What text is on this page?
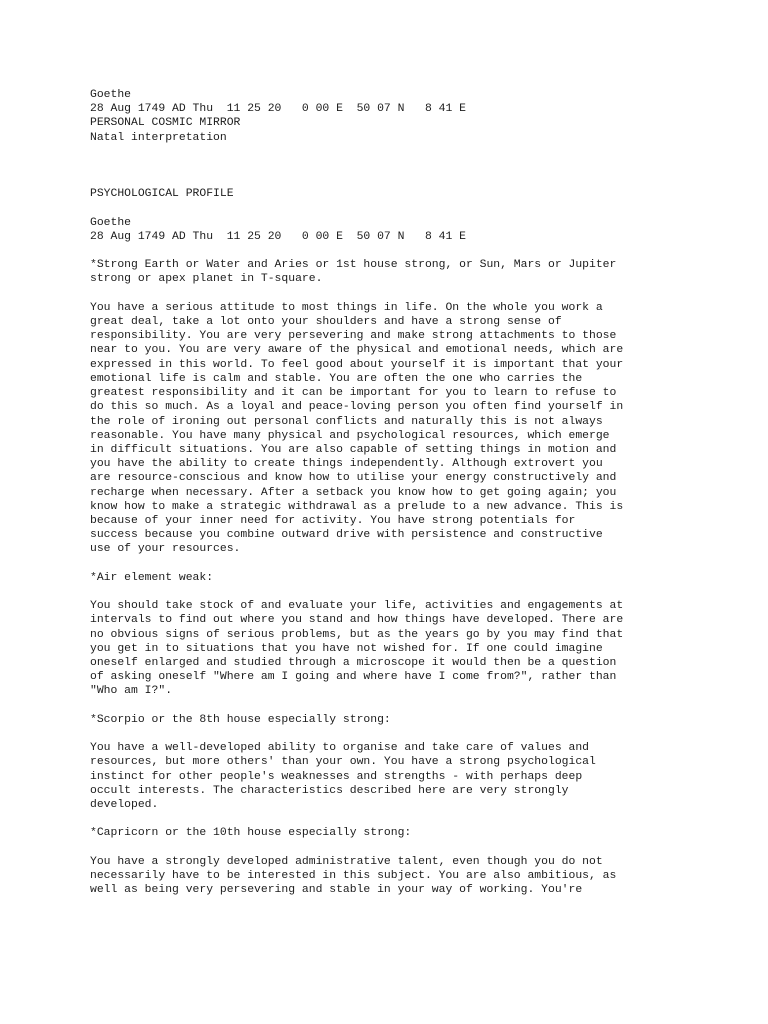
Goethe
28 Aug 1749 AD Thu  11 25 20   0 00 E  50 07 N   8 41 E
PERSONAL COSMIC MIRROR
Natal interpretation
PSYCHOLOGICAL PROFILE
Goethe
28 Aug 1749 AD Thu  11 25 20   0 00 E  50 07 N   8 41 E
*Strong Earth or Water and Aries or 1st house strong, or Sun, Mars or Jupiter
strong or apex planet in T-square.
You have a serious attitude to most things in life. On the whole you work a
great deal, take a lot onto your shoulders and have a strong sense of
responsibility. You are very persevering and make strong attachments to those
near to you. You are very aware of the physical and emotional needs, which are
expressed in this world. To feel good about yourself it is important that your
emotional life is calm and stable. You are often the one who carries the
greatest responsibility and it can be important for you to learn to refuse to
do this so much. As a loyal and peace-loving person you often find yourself in
the role of ironing out personal conflicts and naturally this is not always
reasonable. You have many physical and psychological resources, which emerge
in difficult situations. You are also capable of setting things in motion and
you have the ability to create things independently. Although extrovert you
are resource-conscious and know how to utilise your energy constructively and
recharge when necessary. After a setback you know how to get going again; you
know how to make a strategic withdrawal as a prelude to a new advance. This is
because of your inner need for activity. You have strong potentials for
success because you combine outward drive with persistence and constructive
use of your resources.
*Air element weak:
You should take stock of and evaluate your life, activities and engagements at
intervals to find out where you stand and how things have developed. There are
no obvious signs of serious problems, but as the years go by you may find that
you get in to situations that you have not wished for. If one could imagine
oneself enlarged and studied through a microscope it would then be a question
of asking oneself "Where am I going and where have I come from?", rather than
"Who am I?".
*Scorpio or the 8th house especially strong:
You have a well-developed ability to organise and take care of values and
resources, but more others' than your own. You have a strong psychological
instinct for other people's weaknesses and strengths - with perhaps deep
occult interests. The characteristics described here are very strongly
developed.
*Capricorn or the 10th house especially strong:
You have a strongly developed administrative talent, even though you do not
necessarily have to be interested in this subject. You are also ambitious, as
well as being very persevering and stable in your way of working. You're
